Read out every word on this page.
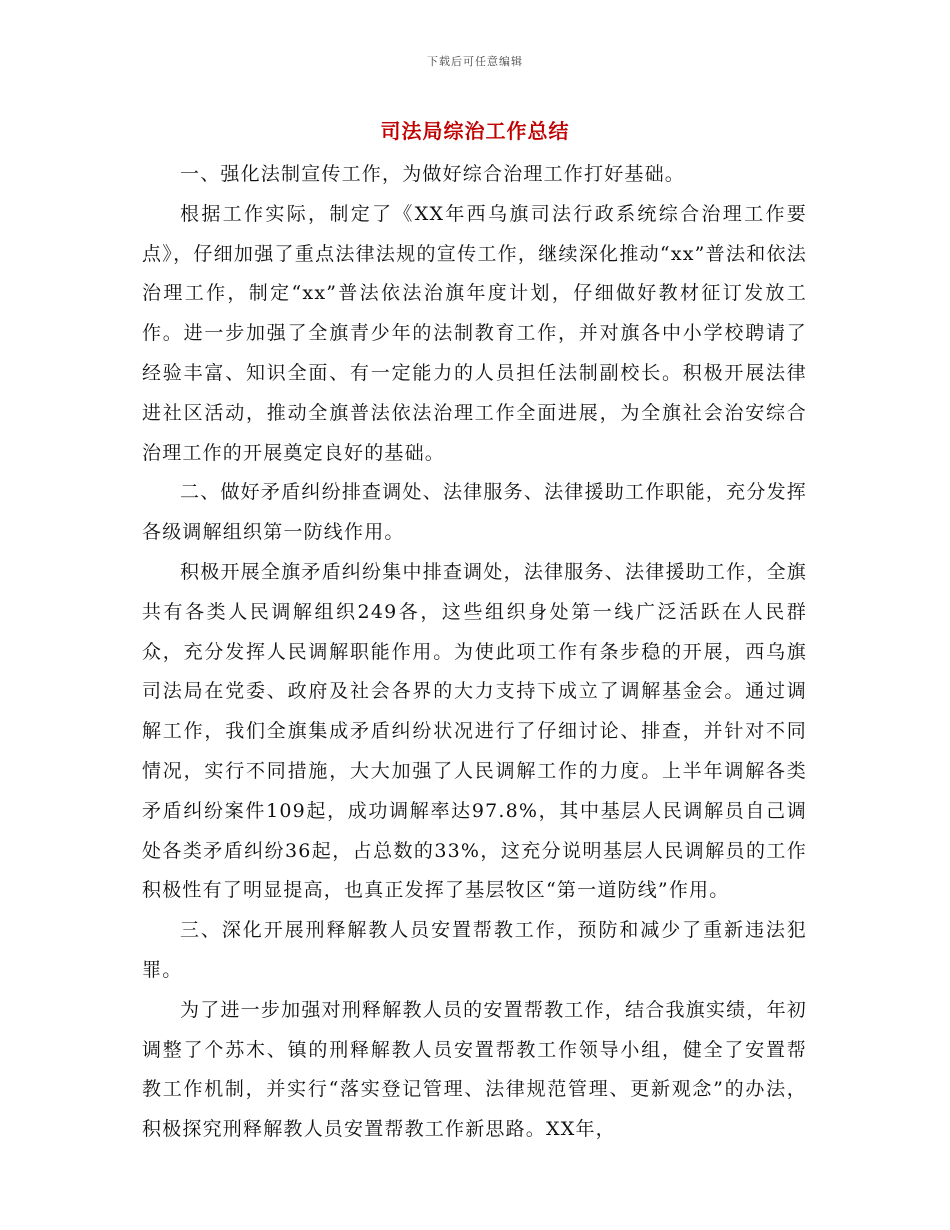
下载后可任意编辑
司法局综治工作总结

一、强化法制宣传工作，为做好综合治理工作打好基础。

根据工作实际，制定了《XX年西乌旗司法行政系统综合治理工作要点》，仔细加强了重点法律法规的宣传工作，继续深化推动“xx”普法和依法治理工作，制定“xx”普法依法治旗年度计划，仔细做好教材征订发放工作。进一步加强了全旗青少年的法制教育工作，并对旗各中小学校聘请了经验丰富、知识全面、有一定能力的人员担任法制副校长。积极开展法律进社区活动，推动全旗普法依法治理工作全面进展，为全旗社会治安综合治理工作的开展奠定良好的基础。

二、做好矛盾纠纷排查调处、法律服务、法律援助工作职能，充分发挥各级调解组织第一防线作用。

积极开展全旗矛盾纠纷集中排查调处，法律服务、法律援助工作，全旗共有各类人民调解组织249各，这些组织身处第一线广泛活跃在人民群众，充分发挥人民调解职能作用。为使此项工作有条步稳的开展，西乌旗司法局在党委、政府及社会各界的大力支持下成立了调解基金会。通过调解工作，我们全旗集成矛盾纠纷状况进行了仔细讨论、排查，并针对不同情况，实行不同措施，大大加强了人民调解工作的力度。上半年调解各类矛盾纠纷案件109起，成功调解率达97.8%，其中基层人民调解员自己调处各类矛盾纠纷36起，占总数的33%，这充分说明基层人民调解员的工作积极性有了明显提高，也真正发挥了基层牧区“第一道防线”作用。

三、深化开展刑释解教人员安置帮教工作，预防和减少了重新违法犯罪。

为了进一步加强对刑释解教人员的安置帮教工作，结合我旗实绩，年初调整了个苏木、镇的刑释解教人员安置帮教工作领导小组，健全了安置帮教工作机制，并实行“落实登记管理、法律规范管理、更新观念”的办法，积极探究刑释解教人员安置帮教工作新思路。XX年，
